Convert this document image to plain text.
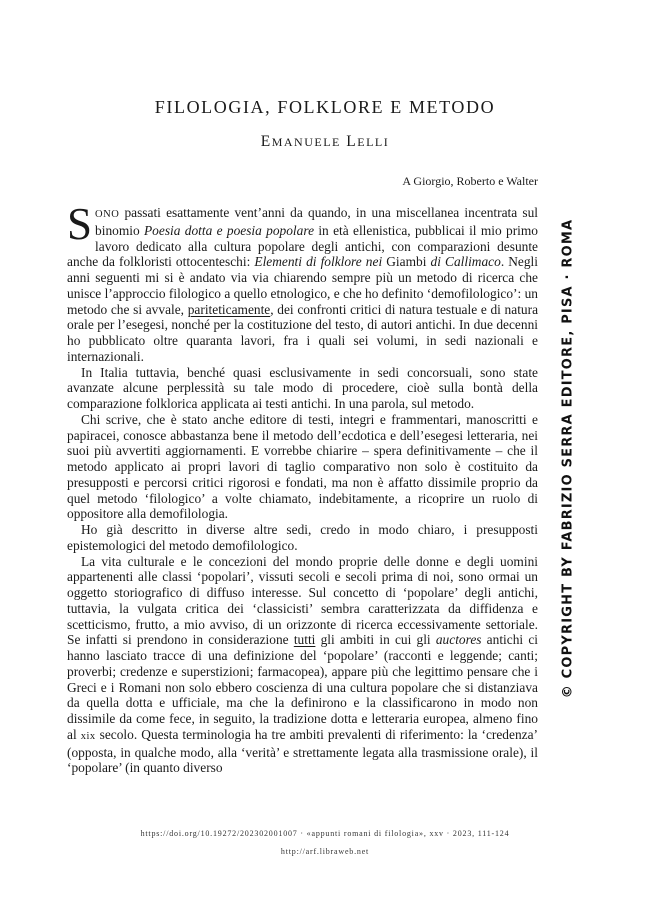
FILOLOGIA, FOLKLORE E METODO
EMANUELE LELLI
A Giorgio, Roberto e Walter

SONO passati esattamente vent’anni da quando, in una miscellanea incentrata sul binomio Poesia dotta e poesia popolare in età ellenistica, pubblicai il mio primo lavoro dedicato alla cultura popolare degli antichi, con comparazioni desunte anche da folkloristi ottocenteschi: Elementi di folklore nei Giambi di Callimaco. Negli anni seguenti mi si è andato via via chiarendo sempre più un metodo di ricerca che unisce l’approccio filologico a quello etnologico, e che ho definito ‘demofilologico’: un metodo che si avvale, pariteticamente, dei confronti critici di natura testuale e di natura orale per l’esegesi, nonché per la costituzione del testo, di autori antichi. In due decenni ho pubblicato oltre quaranta lavori, fra i quali sei volumi, in sedi nazionali e internazionali.

In Italia tuttavia, benché quasi esclusivamente in sedi concorsuali, sono state avanzate alcune perplessità su tale modo di procedere, cioè sulla bontà della comparazione folklorica applicata ai testi antichi. In una parola, sul metodo.

Chi scrive, che è stato anche editore di testi, integri e frammentari, manoscritti e papiracei, conosce abbastanza bene il metodo dell’ecdotica e dell’esegesi letteraria, nei suoi più avvertiti aggiornamenti. E vorrebbe chiarire – spera definitivamente – che il metodo applicato ai propri lavori di taglio comparativo non solo è costituito da presupposti e percorsi critici rigorosi e fondati, ma non è affatto dissimile proprio da quel metodo ‘filologico’ a volte chiamato, indebitamente, a ricoprire un ruolo di oppositore alla demofilologia.

Ho già descritto in diverse altre sedi, credo in modo chiaro, i presupposti epistemologici del metodo demofilologico.

La vita culturale e le concezioni del mondo proprie delle donne e degli uomini appartenenti alle classi ‘popolari’, vissuti secoli e secoli prima di noi, sono ormai un oggetto storiografico di diffuso interesse. Sul concetto di ‘popolare’ degli antichi, tuttavia, la vulgata critica dei ‘classicisti’ sembra caratterizzata da diffidenza e scetticismo, frutto, a mio avviso, di un orizzonte di ricerca eccessivamente settoriale. Se infatti si prendono in considerazione tutti gli ambiti in cui gli auctores antichi ci hanno lasciato tracce di una definizione del ‘popolare’ (racconti e leggende; canti; proverbi; credenze e superstizioni; farmacopea), appare più che legittimo pensare che i Greci e i Romani non solo ebbero coscienza di una cultura popolare che si distanziava da quella dotta e ufficiale, ma che la definirono e la classificarono in modo non dissimile da come fece, in seguito, la tradizione dotta e letteraria europea, almeno fino al xix secolo. Questa terminologia ha tre ambiti prevalenti di riferimento: la ‘credenza’ (opposta, in qualche modo, alla ‘verità’ e strettamente legata alla trasmissione orale), il ‘popolare’ (in quanto diverso

© COPYRIGHT BY FABRIZIO SERRA EDITORE, PISA · ROMA
https://doi.org/10.19272/202302001007 · «appunti romani di filologia», xxv · 2023, 111-124
http://arf.libraweb.net
